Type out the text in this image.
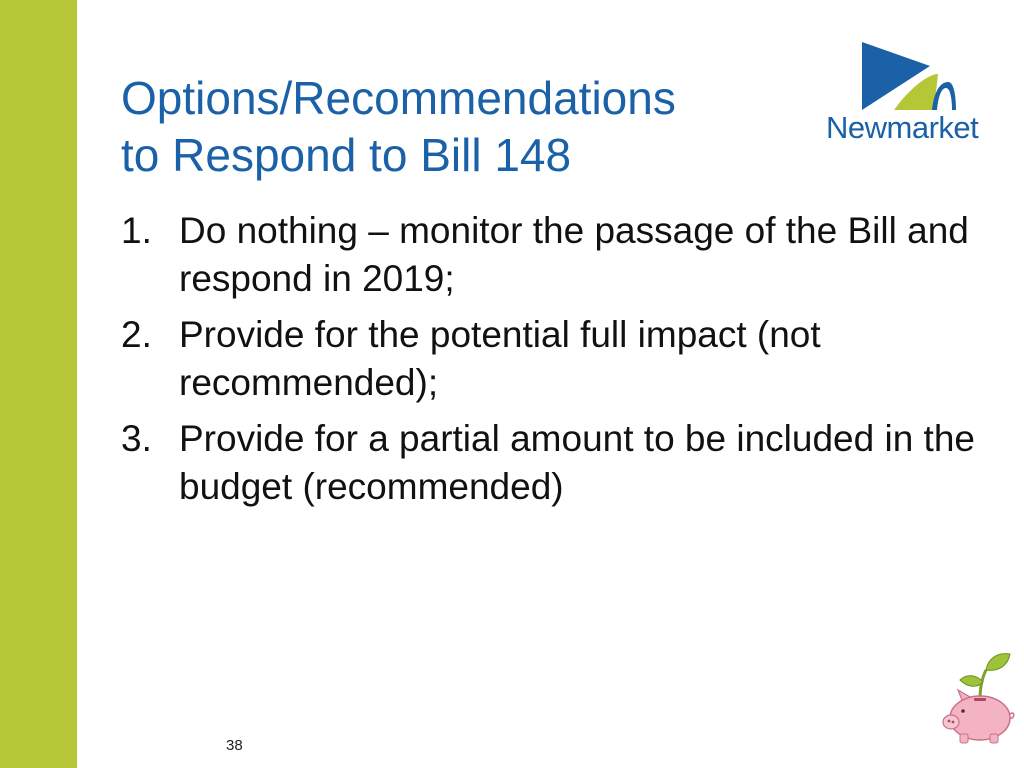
Options/Recommendations
to Respond to Bill 148
Newmarket
1. Do nothing – monitor the passage of the Bill and respond in 2019;
2. Provide for the potential full impact (not recommended);
3. Provide for a partial amount to be included in the budget (recommended)
38
